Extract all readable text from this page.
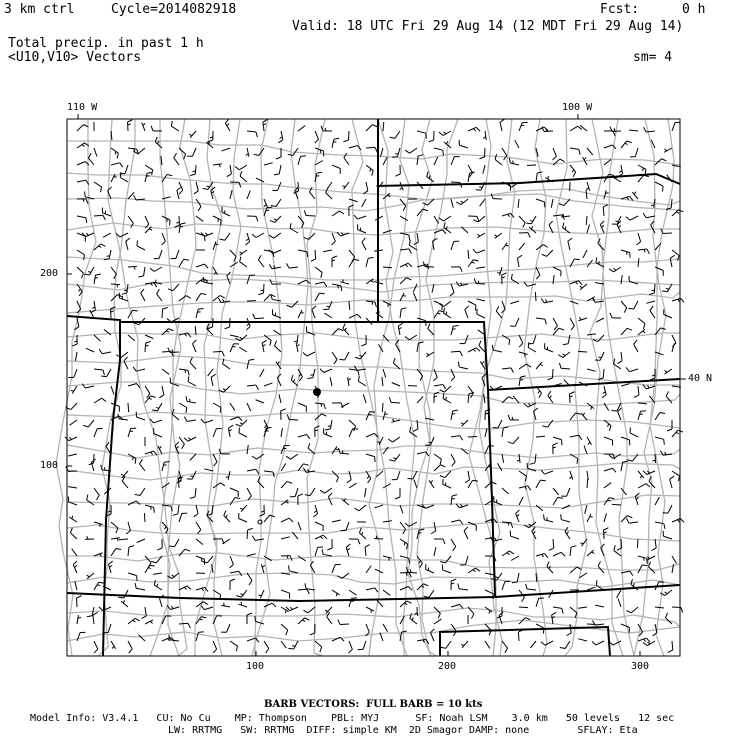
3 km ctrl	Cycle=2014082918	Fcst:	0 h
Valid: 18 UTC Fri 29 Aug 14 (12 MDT Fri 29 Aug 14)
Total precip. in past 1 h
<U10,V10> Vectors	sm= 4
110 W	100 W
40 N
200
100
100	200	300
BARB VECTORS:  FULL BARB = 10 kts
Model Info: V3.4.1   CU: No Cu    MP: Thompson    PBL: MYJ      SF: Noah LSM    3.0 km   50 levels   12 sec
LW: RRTMG   SW: RRTMG  DIFF: simple KM  2D Smagor DAMP: none        SFLAY: Eta
